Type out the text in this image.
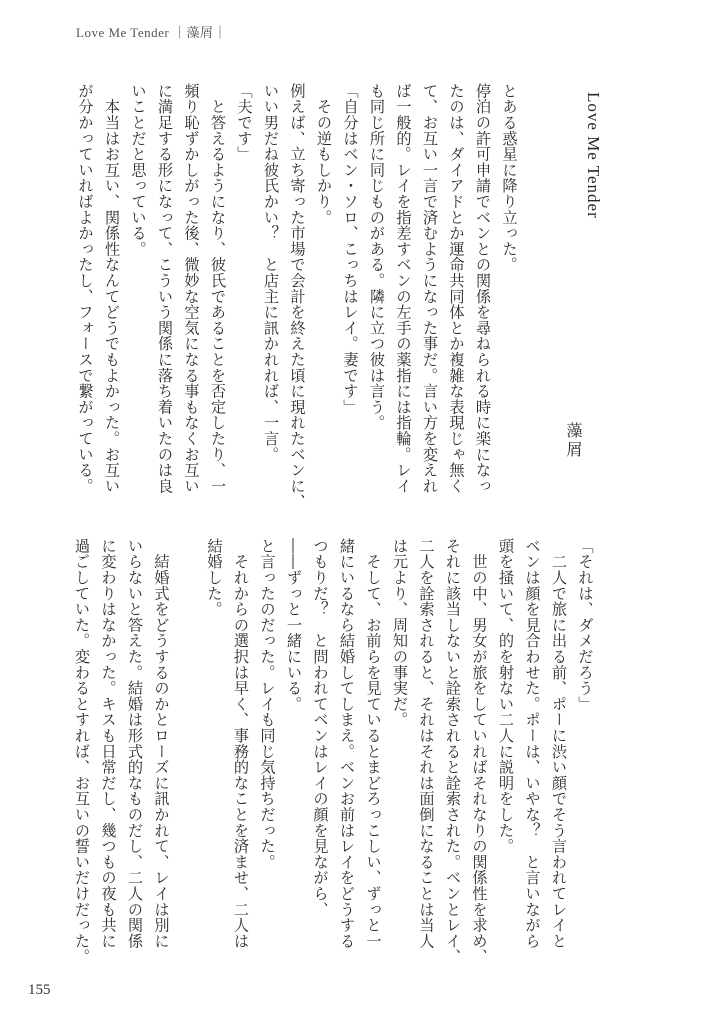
Love Me Tender ｜藻屑｜
Love Me Tender
藻屑
とある惑星に降り立った。
停泊の許可申請でベンとの関係を尋ねられる時に楽になっ
たのは、ダイアドとか運命共同体とか複雑な表現じゃ無く
て、お互い一言で済むようになった事だ。言い方を変えれ
ば一般的。レイを指差すベンの左手の薬指には指輪。レイ
も同じ所に同じものがある。隣に立つ彼は言う。
「自分はベン・ソロ、こっちはレイ。妻です」
　その逆もしかり。
例えば、立ち寄った市場で会計を終えた頃に現れたベンに、
いい男だね彼氏かい？　と店主に訊かれれば、一言。
「夫です」
　と答えるようになり、彼氏であることを否定したり、一
頻り恥ずかしがった後、微妙な空気になる事もなくお互い
に満足する形になって、こういう関係に落ち着いたのは良
いことだと思っている。
　本当はお互い、関係性なんてどうでもよかった。お互い
が分かっていればよかったし、フォースで繋がっている。
「それは、ダメだろう」
　二人で旅に出る前、ポーに渋い顔でそう言われてレイと
ベンは顔を見合わせた。ポーは、いやな？　と言いながら
頭を掻いて、的を射ない二人に説明をした。
　世の中、男女が旅をしていればそれなりの関係性を求め、
それに該当しないと詮索されると詮索された。ベンとレイ、
二人を詮索されると、それはそれは面倒になることは当人
は元より、周知の事実だ。
　そして、お前らを見ているとまどろっこしい、ずっと一
緒にいるなら結婚してしまえ。ベンお前はレイをどうする
つもりだ？　と問われてベンはレイの顔を見ながら、
――ずっと一緒にいる。
と言ったのだった。レイも同じ気持ちだった。
　それからの選択は早く、事務的なことを済ませ、二人は
結婚した。
　結婚式をどうするのかとローズに訊かれて、レイは別に
いらないと答えた。結婚は形式的なものだし、二人の関係
に変わりはなかった。キスも日常だし、幾つもの夜も共に
過ごしていた。変わるとすれば、お互いの誓いだけだった。
155
